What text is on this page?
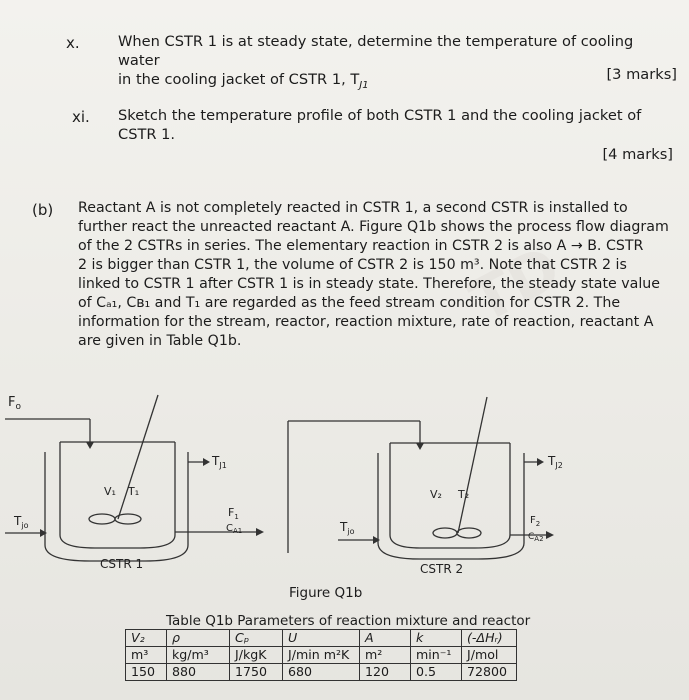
TD
x.	When CSTR 1 is at steady state, determine the temperature of cooling water
in the cooling jacket of CSTR 1, $T_{J1}$
[3 marks]
xi. Sketch the temperature profile of both CSTR 1 and the cooling jacket of
CSTR 1.
[4 marks]
(b) Reactant A is not completely reacted in CSTR 1, a second CSTR is installed to
further react the unreacted reactant A. Figure Q1b shows the process flow diagram
of the 2 CSTRs in series. The elementary reaction in CSTR 2 is also A → B. CSTR
2 is bigger than CSTR 1, the volume of CSTR 2 is 150 m³. Note that CSTR 2 is
linked to CSTR 1 after CSTR 1 is in steady state. Therefore, the steady state value
of Cₐ₁, Cʙ₁ and T₁ are regarded as the feed stream condition for CSTR 2. The
information for the stream, reactor, reaction mixture, rate of reaction, reactant A
are given in Table Q1b.
$F_o$
$T_{jo}$
V₁ T₁
$T_{J1}$
$F_1$
$C_{A1}$	$T_{jo}$
CSTR 1
V₂ T₂
$T_{J2}$
$F_2$
$C_{A2}$
CSTR 2
Figure Q1b
Table Q1b Parameters of reaction mixture and reactor
V₂	ρ	Cₚ	U	A	k	(-ΔHᵣ)
m³	kg/m³	J/kgK	J/min m²K	m²	min⁻¹	J/mol
150	880	1750	680	120	0.5	72800
